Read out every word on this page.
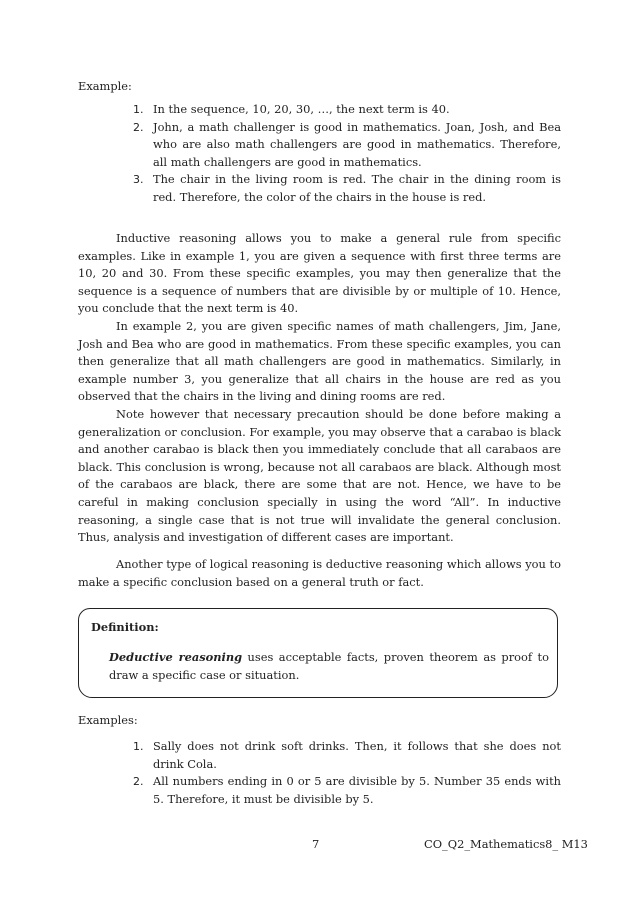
Example:
1. In the sequence, 10, 20, 30, …, the next term is 40.
2. John, a math challenger is good in mathematics. Joan, Josh, and Bea who are also math challengers are good in mathematics. Therefore, all math challengers are good in mathematics.
3. The chair in the living room is red. The chair in the dining room is red. Therefore, the color of the chairs in the house is red.

Inductive reasoning allows you to make a general rule from specific examples. Like in example 1, you are given a sequence with first three terms are 10, 20 and 30. From these specific examples, you may then generalize that the sequence is a sequence of numbers that are divisible by or multiple of 10. Hence, you conclude that the next term is 40.

In example 2, you are given specific names of math challengers, Jim, Jane, Josh and Bea who are good in mathematics. From these specific examples, you can then generalize that all math challengers are good in mathematics. Similarly, in example number 3, you generalize that all chairs in the house are red as you observed that the chairs in the living and dining rooms are red.

Note however that necessary precaution should be done before making a generalization or conclusion. For example, you may observe that a carabao is black and another carabao is black then you immediately conclude that all carabaos are black. This conclusion is wrong, because not all carabaos are black. Although most of the carabaos are black, there are some that are not. Hence, we have to be careful in making conclusion specially in using the word “All”. In inductive reasoning, a single case that is not true will invalidate the general conclusion. Thus, analysis and investigation of different cases are important.

Another type of logical reasoning is deductive reasoning which allows you to make a specific conclusion based on a general truth or fact.

Definition:
Deductive reasoning uses acceptable facts, proven theorem as proof to draw a specific case or situation.
Examples:
1. Sally does not drink soft drinks. Then, it follows that she does not drink Cola.
2. All numbers ending in 0 or 5 are divisible by 5. Number 35 ends with 5. Therefore, it must be divisible by 5.
7	CO_Q2_Mathematics8_ M13
